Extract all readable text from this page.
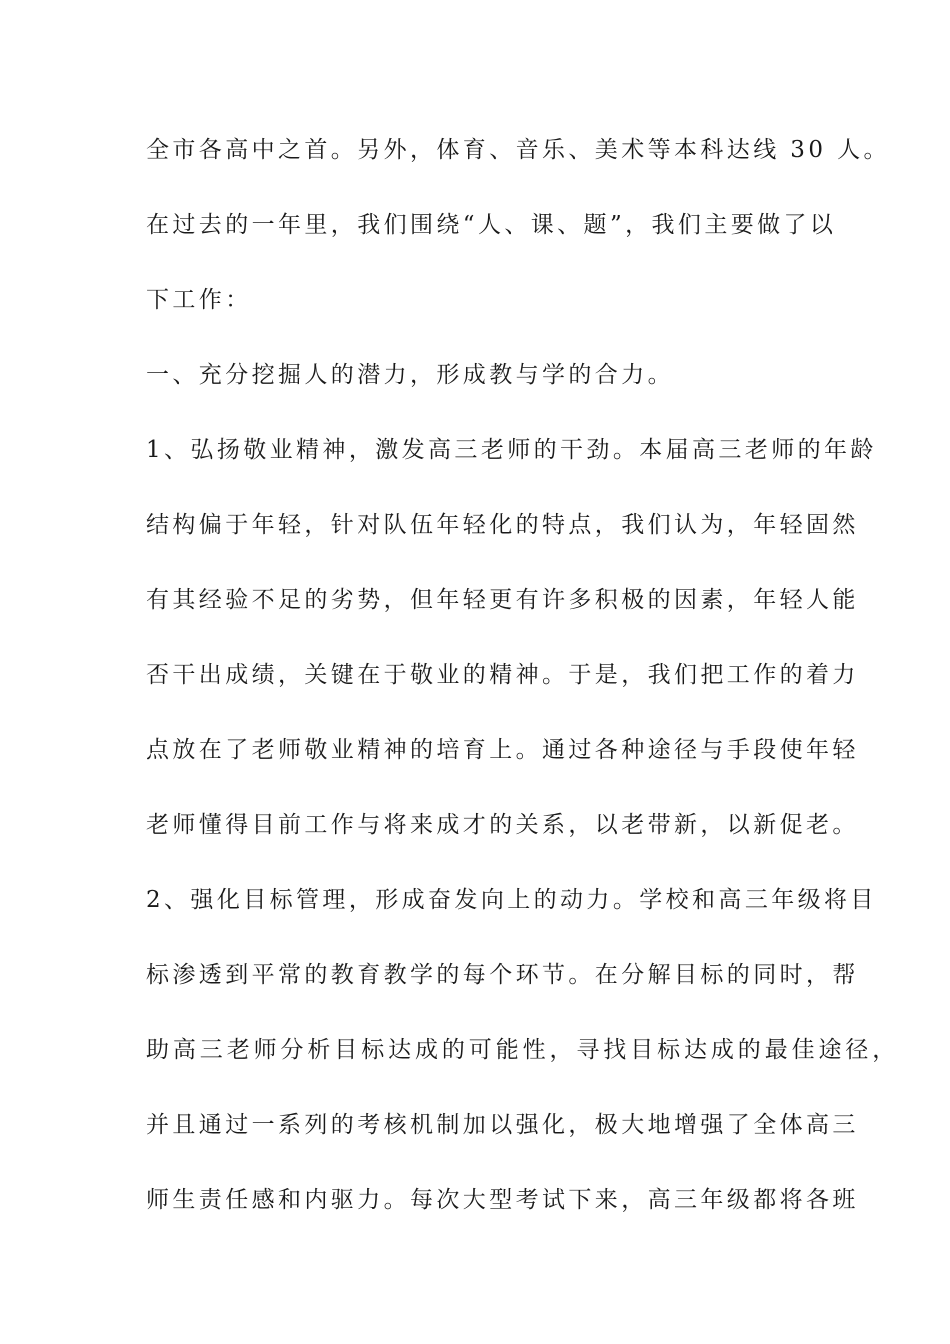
全市各高中之首。另外，体育、音乐、美术等本科达线 30 人。
在过去的一年里，我们围绕“人、课、题”，我们主要做了以
下工作：
一、充分挖掘人的潜力，形成教与学的合力。
1、弘扬敬业精神，激发高三老师的干劲。本届高三老师的年龄
结构偏于年轻，针对队伍年轻化的特点，我们认为，年轻固然
有其经验不足的劣势，但年轻更有许多积极的因素，年轻人能
否干出成绩，关键在于敬业的精神。于是，我们把工作的着力
点放在了老师敬业精神的培育上。通过各种途径与手段使年轻
老师懂得目前工作与将来成才的关系，以老带新，以新促老。
2、强化目标管理，形成奋发向上的动力。学校和高三年级将目
标渗透到平常的教育教学的每个环节。在分解目标的同时，帮
助高三老师分析目标达成的可能性，寻找目标达成的最佳途径，
并且通过一系列的考核机制加以强化，极大地增强了全体高三
师生责任感和内驱力。每次大型考试下来，高三年级都将各班
